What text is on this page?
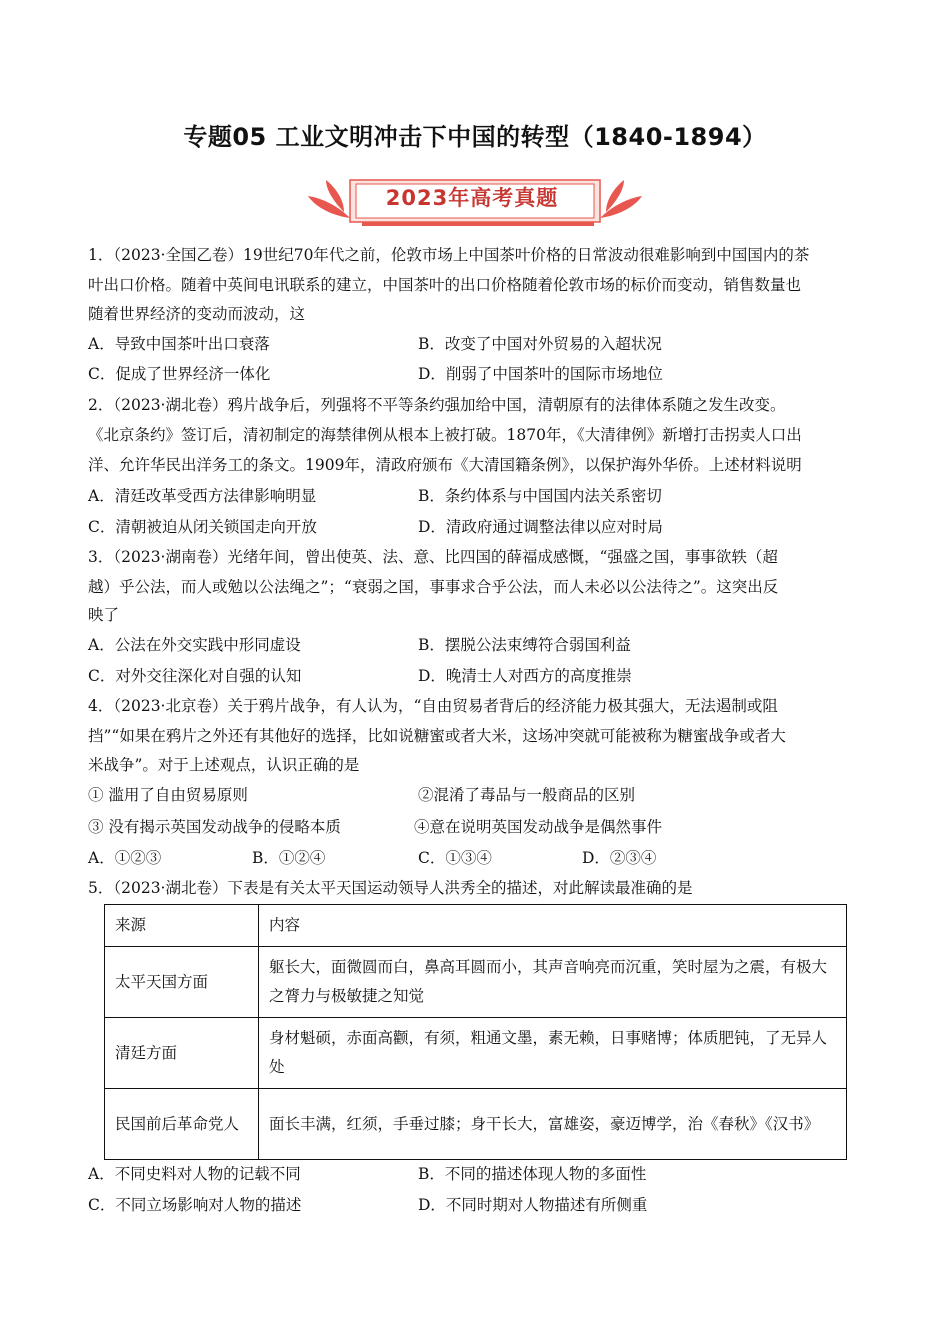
专题05 工业文明冲击下中国的转型（1840-1894）
2023年高考真题
1．（2023·全国乙卷）19世纪70年代之前，伦敦市场上中国茶叶价格的日常波动很难影响到中国国内的茶
叶出口价格。随着中英间电讯联系的建立，中国茶叶的出口价格随着伦敦市场的标价而变动，销售数量也
随着世界经济的变动而波动，这
A．导致中国茶叶出口衰落	B．改变了中国对外贸易的入超状况
C．促成了世界经济一体化	D．削弱了中国茶叶的国际市场地位
2．（2023·湖北卷）鸦片战争后，列强将不平等条约强加给中国，清朝原有的法律体系随之发生改变。
《北京条约》签订后，清初制定的海禁律例从根本上被打破。1870年，《大清律例》新增打击拐卖人口出
洋、允许华民出洋务工的条文。1909年，清政府颁布《大清国籍条例》，以保护海外华侨。上述材料说明
A．清廷改革受西方法律影响明显	B．条约体系与中国国内法关系密切
C．清朝被迫从闭关锁国走向开放	D．清政府通过调整法律以应对时局
3．（2023·湖南卷）光绪年间，曾出使英、法、意、比四国的薛福成感慨，“强盛之国，事事欲轶（超
越）乎公法，而人或勉以公法绳之”；“衰弱之国，事事求合乎公法，而人未必以公法待之”。这突出反
映了
A．公法在外交实践中形同虚设	B．摆脱公法束缚符合弱国利益
C．对外交往深化对自强的认知	D．晚清士人对西方的高度推崇
4．（2023·北京卷）关于鸦片战争，有人认为，“自由贸易者背后的经济能力极其强大，无法遏制或阻
挡”“如果在鸦片之外还有其他好的选择，比如说糖蜜或者大米，这场冲突就可能被称为糖蜜战争或者大
米战争”。对于上述观点，认识正确的是
① 滥用了自由贸易原则	②混淆了毒品与一般商品的区别
③ 没有揭示英国发动战争的侵略本质	④意在说明英国发动战争是偶然事件
A．①②③	B．①②④	C．①③④	D．②③④
5．（2023·湖北卷）下表是有关太平天国运动领导人洪秀全的描述，对此解读最准确的是
来源	内容
太平天国方面	躯长大，面微圆而白，鼻高耳圆而小，其声音响亮而沉重，笑时屋为之震，有极大之膂力与极敏捷之知觉
清廷方面	身材魁硕，赤面高颧，有须，粗通文墨，素无赖，日事赌博；体质肥钝，了无异人处
民国前后革命党人	面长丰满，红须，手垂过膝；身干长大，富雄姿，豪迈博学，治《春秋》《汉书》
A．不同史料对人物的记载不同	B．不同的描述体现人物的多面性
C．不同立场影响对人物的描述	D．不同时期对人物描述有所侧重
